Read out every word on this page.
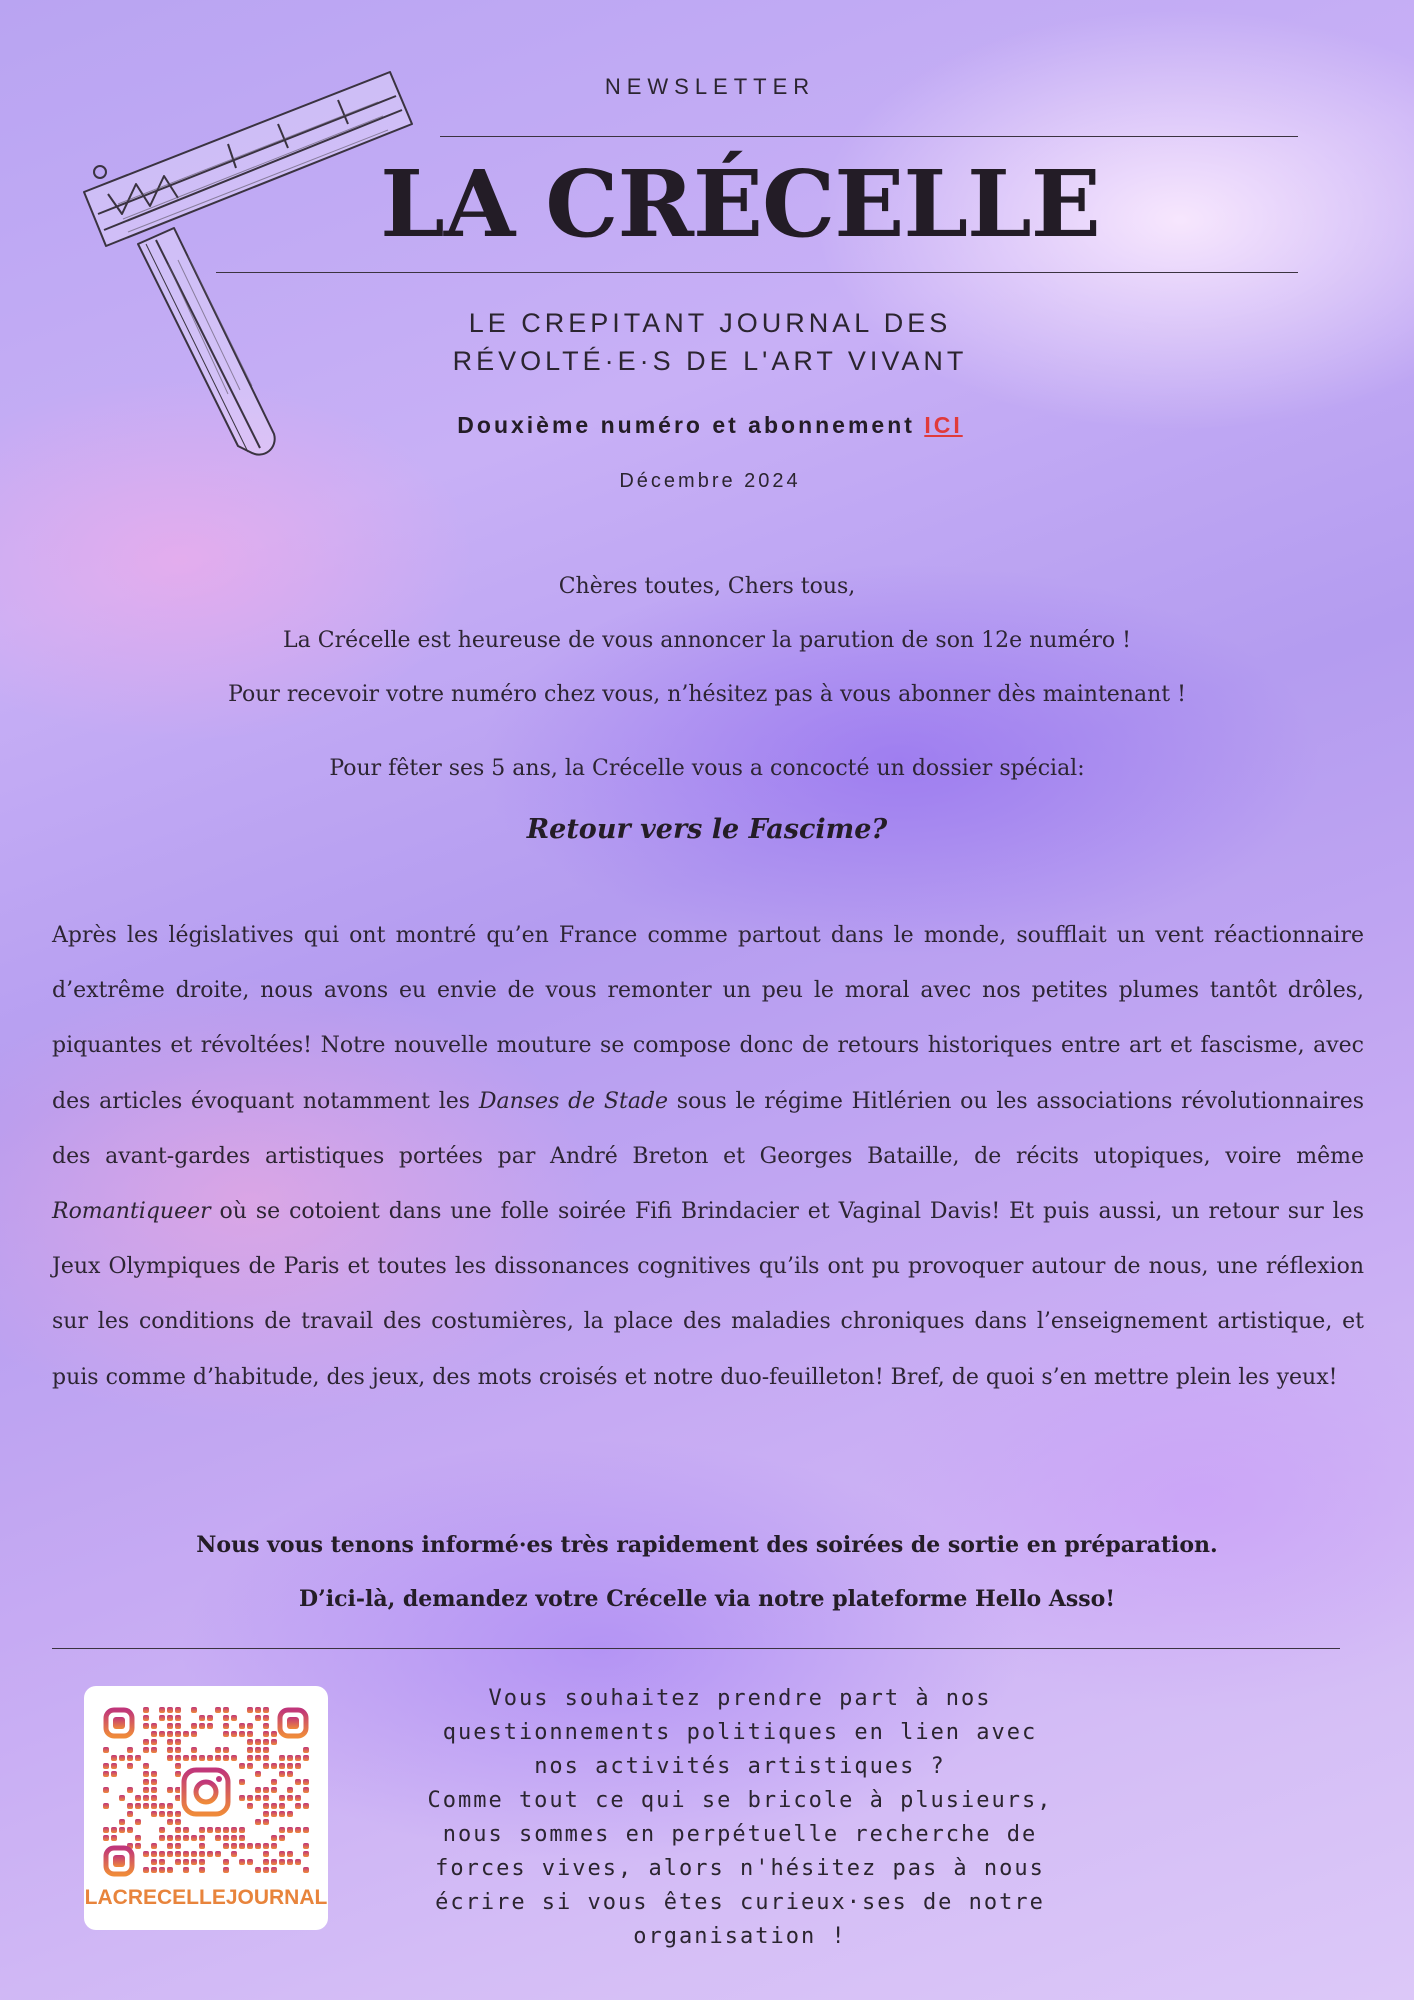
NEWSLETTER
LA CRÉCELLE
LE CREPITANT JOURNAL DES
RÉVOLTÉ·E·S DE L'ART VIVANT
Douxième numéro et abonnement ICI
Décembre 2024

Chères toutes, Chers tous,

La Crécelle est heureuse de vous annoncer la parution de son 12e numéro !

Pour recevoir votre numéro chez vous, n’hésitez pas à vous abonner dès maintenant !

Pour fêter ses 5 ans, la Crécelle vous a concocté un dossier spécial:

Retour vers le Fascime?

Après les législatives qui ont montré qu’en France comme partout dans le monde, soufflait un vent réactionnaire d’extrême droite, nous avons eu envie de vous remonter un peu le moral avec nos petites plumes tantôt drôles, piquantes et révoltées! Notre nouvelle mouture se compose donc de retours historiques entre art et fascisme, avec des articles évoquant notamment les Danses de Stade sous le régime Hitlérien ou les associations révolutionnaires des avant-gardes artistiques portées par André Breton et Georges Bataille, de récits utopiques, voire même Romantiqueer où se cotoient dans une folle soirée Fifi Brindacier et Vaginal Davis! Et puis aussi, un retour sur les Jeux Olympiques de Paris et toutes les dissonances cognitives qu’ils ont pu provoquer autour de nous, une réflexion sur les conditions de travail des costumières, la place des maladies chroniques dans l’enseignement artistique, et puis comme d’habitude, des jeux, des mots croisés et notre duo-feuilleton! Bref, de quoi s’en mettre plein les yeux!

Nous vous tenons informé·es très rapidement des soirées de sortie en préparation.

D’ici-là, demandez votre Crécelle via notre plateforme Hello Asso!

LACRECELLEJOURNAL
Vous souhaitez prendre part à nos
questionnements politiques en lien avec
nos activités artistiques ?
Comme tout ce qui se bricole à plusieurs,
nous sommes en perpétuelle recherche de
forces vives, alors n'hésitez pas à nous
écrire si vous êtes curieux·ses de notre
organisation !
